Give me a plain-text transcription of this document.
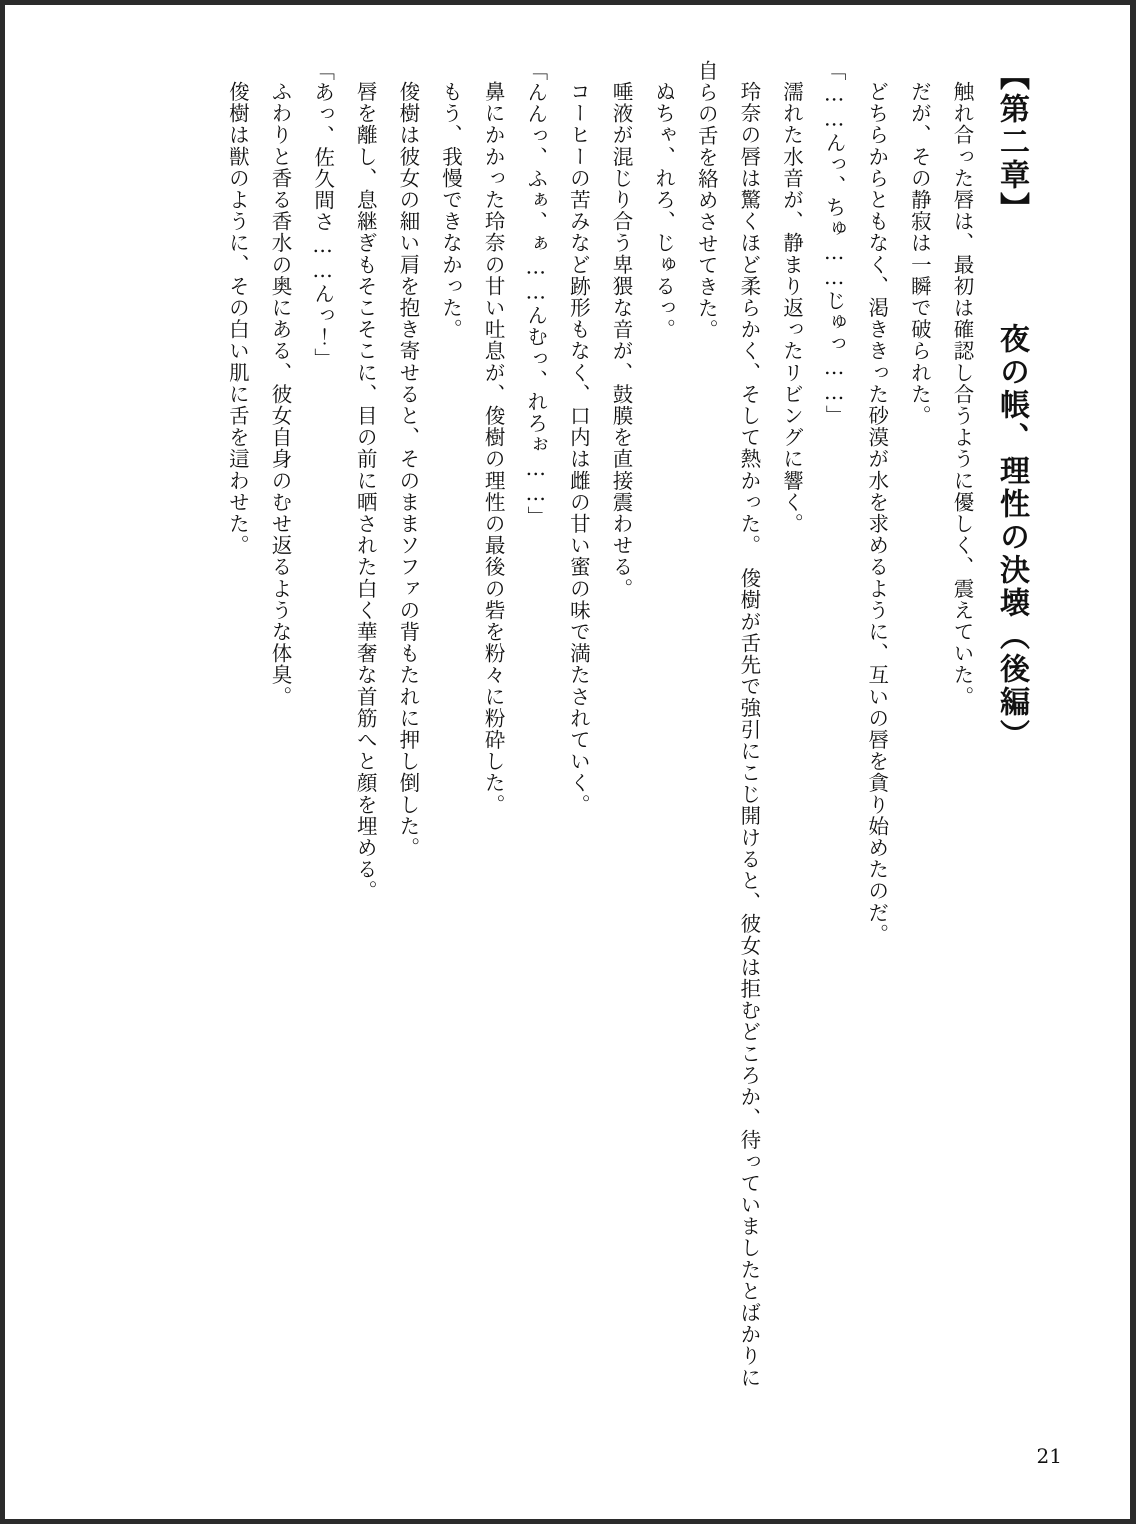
【第二章】  夜の帳、理性の決壊（後編）

触れ合った唇は、最初は確認し合うように優しく、震えていた。

だが、その静寂は一瞬で破られた。

どちらからともなく、渇ききった砂漠が水を求めるように、互いの唇を貪り始めたのだ。

「……んっ、ちゅ……じゅっ……」

濡れた水音が、静まり返ったリビングに響く。

玲奈の唇は驚くほど柔らかく、そして熱かった。　俊樹が舌先で強引にこじ開けると、彼女は拒むどころか、待っていましたとばかりに自らの舌を絡めさせてきた。

ぬちゃ、れろ、じゅるっ。

唾液が混じり合う卑猥な音が、鼓膜を直接震わせる。

コーヒーの苦みなど跡形もなく、口内は雌の甘い蜜の味で満たされていく。

「んんっ、ふぁ、ぁ……んむっ、れろぉ……」

鼻にかかった玲奈の甘い吐息が、俊樹の理性の最後の砦を粉々に粉砕した。

もう、我慢できなかった。

俊樹は彼女の細い肩を抱き寄せると、そのままソファの背もたれに押し倒した。

唇を離し、息継ぎもそこそこに、目の前に晒された白く華奢な首筋へと顔を埋める。

「あっ、佐久間さ……んっ！」

ふわりと香る香水の奥にある、彼女自身のむせ返るような体臭。

俊樹は獣のように、その白い肌に舌を這わせた。

21
